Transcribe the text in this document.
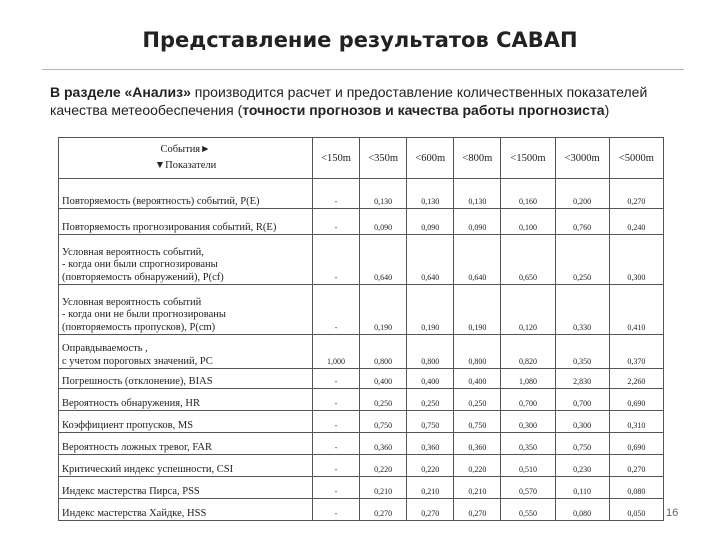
Представление результатов САВАП
В разделе «Анализ» производится расчет и предоставление количественных показателей качества метеообеспечения (точности прогнозов и качества работы прогнозиста)
События►
▼Показатели	<150m	<350m	<600m	<800m	<1500m	<3000m	<5000m

Повторяемость (вероятность) событий, P(E)	-	0,130	0,130	0,130	0,160	0,200	0,270

Повторяемость прогнозирования событий, R(E)	-	0,090	0,090	0,090	0,100	0,760	0,240

Условная вероятность событий,
- когда они были спрогнозированы
(повторяемость обнаружений), P(cf)	-	0,640	0,640	0,640	0,650	0,250	0,300

Условная вероятность событий
- когда они не были прогнозированы
(повторяемость пропусков), P(cm)	-	0,190	0,190	0,190	0,120	0,330	0,410

Оправдываемость ,
с учетом пороговых значений, PC	1,000	0,800	0,800	0,800	0,820	0,350	0,370

Погрешность (отклонение), BIAS	-	0,400	0,400	0,400	1,080	2,830	2,260

Вероятность обнаружения, HR	-	0,250	0,250	0,250	0,700	0,700	0,690

Коэффициент пропусков, MS	-	0,750	0,750	0,750	0,300	0,300	0,310

Вероятность ложных тревог, FAR	-	0,360	0,360	0,360	0,350	0,750	0,690

Критический индекс успешности, CSI	-	0,220	0,220	0,220	0,510	0,230	0,270

Индекс мастерства Пирса, PSS	-	0,210	0,210	0,210	0,570	0,110	0,080

Индекс мастерства Хайдке, HSS	-	0,270	0,270	0,270	0,550	0,080	0,050 16
